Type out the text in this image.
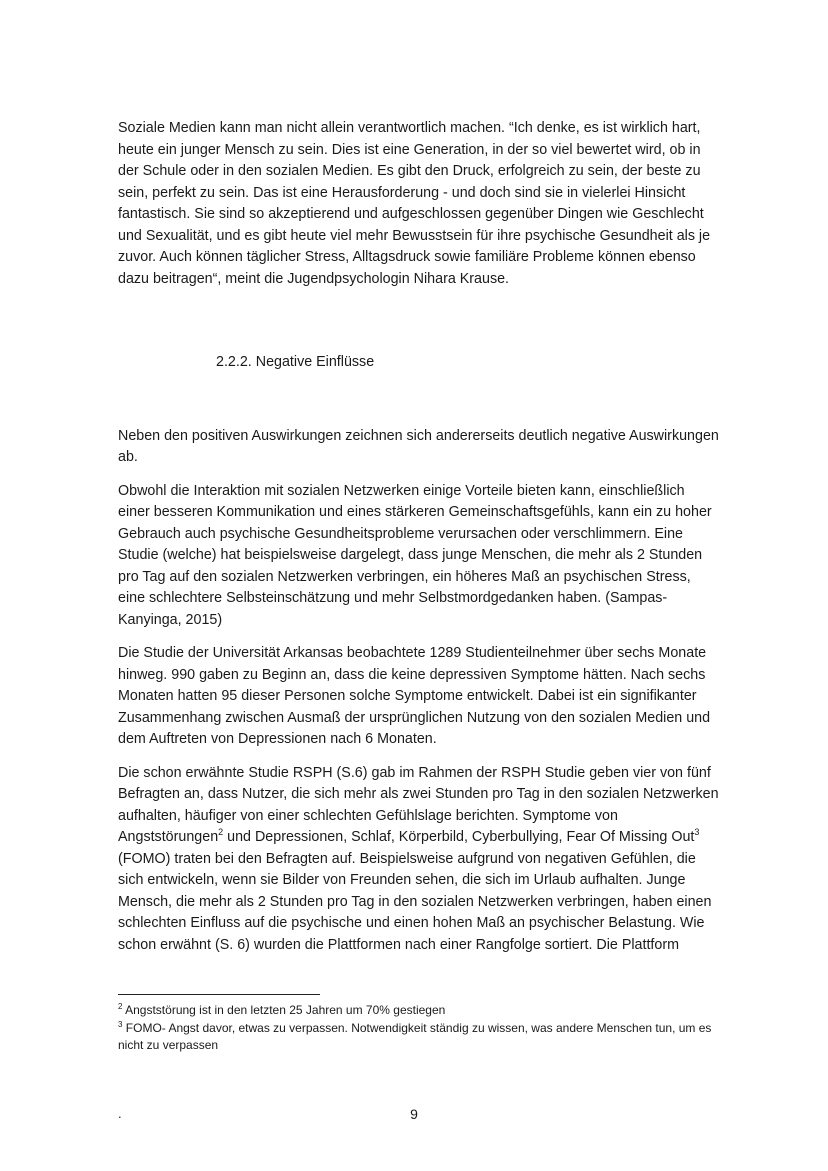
Soziale Medien kann man nicht allein verantwortlich machen. “Ich denke, es ist wirklich hart, heute ein junger Mensch zu sein. Dies ist eine Generation, in der so viel bewertet wird, ob in der Schule oder in den sozialen Medien. Es gibt den Druck, erfolgreich zu sein, der beste zu sein, perfekt zu sein. Das ist eine Herausforderung - und doch sind sie in vielerlei Hinsicht fantastisch. Sie sind so akzeptierend und aufgeschlossen gegenüber Dingen wie Geschlecht und Sexualität, und es gibt heute viel mehr Bewusstsein für ihre psychische Gesundheit als je zuvor. Auch können täglicher Stress, Alltagsdruck sowie familiäre Probleme können ebenso dazu beitragen“, meint die Jugendpsychologin Nihara Krause.

2.2.2. Negative Einflüsse

Neben den positiven Auswirkungen zeichnen sich andererseits deutlich negative Auswirkungen ab.

Obwohl die Interaktion mit sozialen Netzwerken einige Vorteile bieten kann, einschließlich einer besseren Kommunikation und eines stärkeren Gemeinschaftsgefühls, kann ein zu hoher Gebrauch auch psychische Gesundheitsprobleme verursachen oder verschlimmern. Eine Studie (welche) hat beispielsweise dargelegt, dass junge Menschen, die mehr als 2 Stunden pro Tag auf den sozialen Netzwerken verbringen, ein höheres Maß an psychischen Stress, eine schlechtere Selbsteinschätzung und mehr Selbstmordgedanken haben. (Sampas-Kanyinga, 2015)

Die Studie der Universität Arkansas beobachtete 1289 Studienteilnehmer über sechs Monate hinweg. 990 gaben zu Beginn an, dass die keine depressiven Symptome hätten. Nach sechs Monaten hatten 95 dieser Personen solche Symptome entwickelt. Dabei ist ein signifikanter Zusammenhang zwischen Ausmaß der ursprünglichen Nutzung von den sozialen Medien und dem Auftreten von Depressionen nach 6 Monaten.

Die schon erwähnte Studie RSPH (S.6) gab im Rahmen der RSPH Studie geben vier von fünf Befragten an, dass Nutzer, die sich mehr als zwei Stunden pro Tag in den sozialen Netzwerken aufhalten, häufiger von einer schlechten Gefühlslage berichten. Symptome von Angststörungen$^2$ und Depressionen, Schlaf, Körperbild, Cyberbullying, Fear Of Missing Out$^3$ (FOMO) traten bei den Befragten auf. Beispielsweise aufgrund von negativen Gefühlen, die sich entwickeln, wenn sie Bilder von Freunden sehen, die sich im Urlaub aufhalten. Junge Mensch, die mehr als 2 Stunden pro Tag in den sozialen Netzwerken verbringen, haben einen schlechten Einfluss auf die psychische und einen hohen Maß an psychischer Belastung. Wie schon erwähnt (S. 6) wurden die Plattformen nach einer Rangfolge sortiert. Die Plattform

$^2$ Angststörung ist in den letzten 25 Jahren um 70% gestiegen

$^3$ FOMO- Angst davor, etwas zu verpassen. Notwendigkeit ständig zu wissen, was andere Menschen tun, um es nicht zu verpassen

.	9
